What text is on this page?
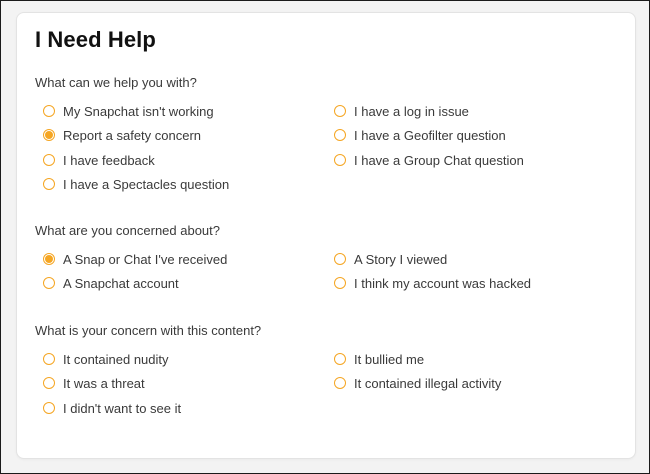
I Need Help
What can we help you with?
My Snapchat isn't working
Report a safety concern
I have feedback
I have a Spectacles question
I have a log in issue
I have a Geofilter question
I have a Group Chat question
What are you concerned about?
A Snap or Chat I've received
A Snapchat account
A Story I viewed
I think my account was hacked
What is your concern with this content?
It contained nudity
It was a threat
I didn't want to see it
It bullied me
It contained illegal activity
